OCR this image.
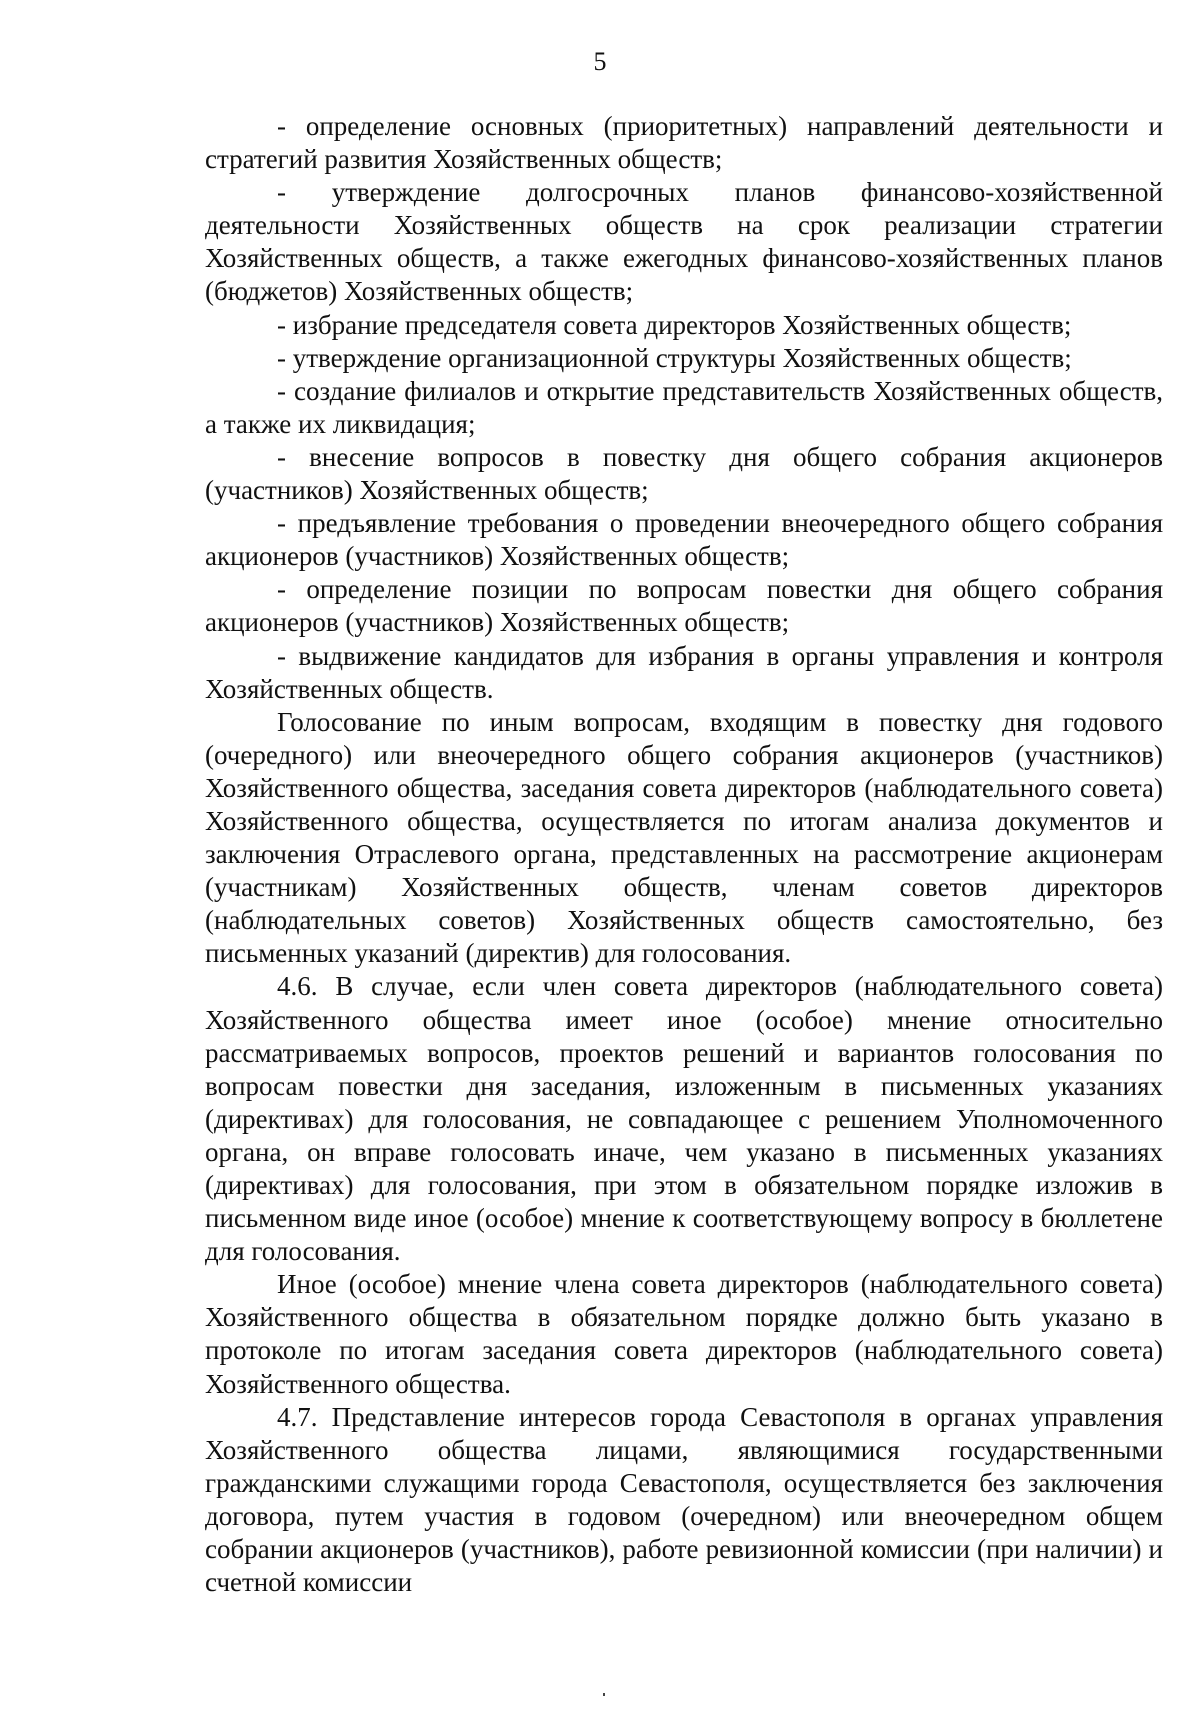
5

- определение основных (приоритетных) направлений деятельности и стратегий развития Хозяйственных обществ;

- утверждение долгосрочных планов финансово-хозяйственной деятельности Хозяйственных обществ на срок реализации стратегии Хозяйственных обществ, а также ежегодных финансово-хозяйственных планов (бюджетов) Хозяйственных обществ;

- избрание председателя совета директоров Хозяйственных обществ;

- утверждение организационной структуры Хозяйственных обществ;

- создание филиалов и открытие представительств Хозяйственных обществ, а также их ликвидация;

- внесение вопросов в повестку дня общего собрания акционеров (участников) Хозяйственных обществ;

- предъявление требования о проведении внеочередного общего собрания акционеров (участников) Хозяйственных обществ;

- определение позиции по вопросам повестки дня общего собрания акционеров (участников) Хозяйственных обществ;

- выдвижение кандидатов для избрания в органы управления и контроля Хозяйственных обществ.

Голосование по иным вопросам, входящим в повестку дня годового (очередного) или внеочередного общего собрания акционеров (участников) Хозяйственного общества, заседания совета директоров (наблюдательного совета) Хозяйственного общества, осуществляется по итогам анализа документов и заключения Отраслевого органа, представленных на рассмотрение акционерам (участникам) Хозяйственных обществ, членам советов директоров (наблюдательных советов) Хозяйственных обществ самостоятельно, без письменных указаний (директив) для голосования.

4.6. В случае, если член совета директоров (наблюдательного совета) Хозяйственного общества имеет иное (особое) мнение относительно рассматриваемых вопросов, проектов решений и вариантов голосования по вопросам повестки дня заседания, изложенным в письменных указаниях (директивах) для голосования, не совпадающее с решением Уполномоченного органа, он вправе голосовать иначе, чем указано в письменных указаниях (директивах) для голосования, при этом в обязательном порядке изложив в письменном виде иное (особое) мнение к соответствующему вопросу в бюллетене для голосования.

Иное (особое) мнение члена совета директоров (наблюдательного совета) Хозяйственного общества в обязательном порядке должно быть указано в протоколе по итогам заседания совета директоров (наблюдательного совета) Хозяйственного общества.

4.7. Представление интересов города Севастополя в органах управления Хозяйственного общества лицами, являющимися государственными гражданскими служащими города Севастополя, осуществляется без заключения договора, путем участия в годовом (очередном) или внеочередном общем собрании акционеров (участников), работе ревизионной комиссии (при наличии) и счетной комиссии
